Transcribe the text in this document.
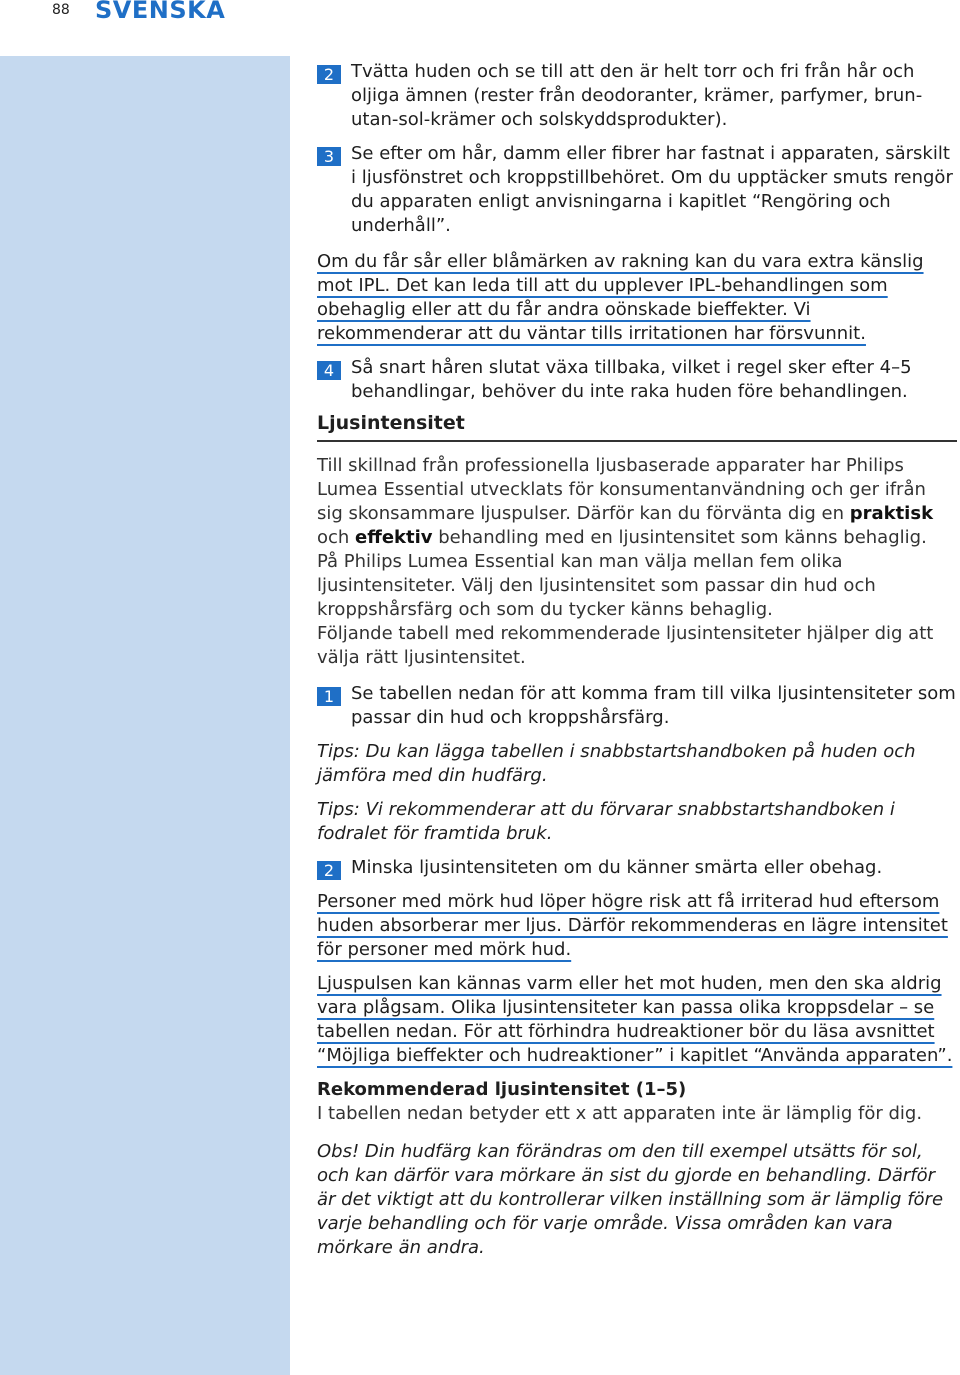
88 SVENSKA
2 Tvätta huden och se till att den är helt torr och fri från hår och oljiga ämnen (rester från deodoranter, krämer, parfymer, brun-utan-sol-krämer och solskyddsprodukter).
3 Se efter om hår, damm eller fibrer har fastnat i apparaten, särskilt i ljusfönstret och kroppstillbehöret. Om du upptäcker smuts rengör du apparaten enligt anvisningarna i kapitlet “Rengöring och underhåll”.
Om du får sår eller blåmärken av rakning kan du vara extra känslig mot IPL. Det kan leda till att du upplever IPL-behandlingen som obehaglig eller att du får andra oönskade bieffekter. Vi rekommenderar att du väntar tills irritationen har försvunnit.
4 Så snart håren slutat växa tillbaka, vilket i regel sker efter 4–5 behandlingar, behöver du inte raka huden före behandlingen.
Ljusintensitet

Till skillnad från professionella ljusbaserade apparater har Philips Lumea Essential utvecklats för konsumentanvändning och ger ifrån sig skonsammare ljuspulser. Därför kan du förvänta dig en praktisk och effektiv behandling med en ljusintensitet som känns behaglig.

På Philips Lumea Essential kan man välja mellan fem olika ljusintensiteter. Välj den ljusintensitet som passar din hud och kroppshårsfärg och som du tycker känns behaglig.

Följande tabell med rekommenderade ljusintensiteter hjälper dig att välja rätt ljusintensitet.

1 Se tabellen nedan för att komma fram till vilka ljusintensiteter som passar din hud och kroppshårsfärg.
Tips: Du kan lägga tabellen i snabbstartshandboken på huden och jämföra med din hudfärg.
Tips: Vi rekommenderar att du förvarar snabbstartshandboken i fodralet för framtida bruk.
2 Minska ljusintensiteten om du känner smärta eller obehag.
Personer med mörk hud löper högre risk att få irriterad hud eftersom huden absorberar mer ljus. Därför rekommenderas en lägre intensitet för personer med mörk hud.
Ljuspulsen kan kännas varm eller het mot huden, men den ska aldrig vara plågsam. Olika ljusintensiteter kan passa olika kroppsdelar – se tabellen nedan. För att förhindra hudreaktioner bör du läsa avsnittet “Möjliga bieffekter och hudreaktioner” i kapitlet “Använda apparaten”.
Rekommenderad ljusintensitet (1–5)
I tabellen nedan betyder ett x att apparaten inte är lämplig för dig.
Obs! Din hudfärg kan förändras om den till exempel utsätts för sol, och kan därför vara mörkare än sist du gjorde en behandling. Därför är det viktigt att du kontrollerar vilken inställning som är lämplig före varje behandling och för varje område. Vissa områden kan vara mörkare än andra.
